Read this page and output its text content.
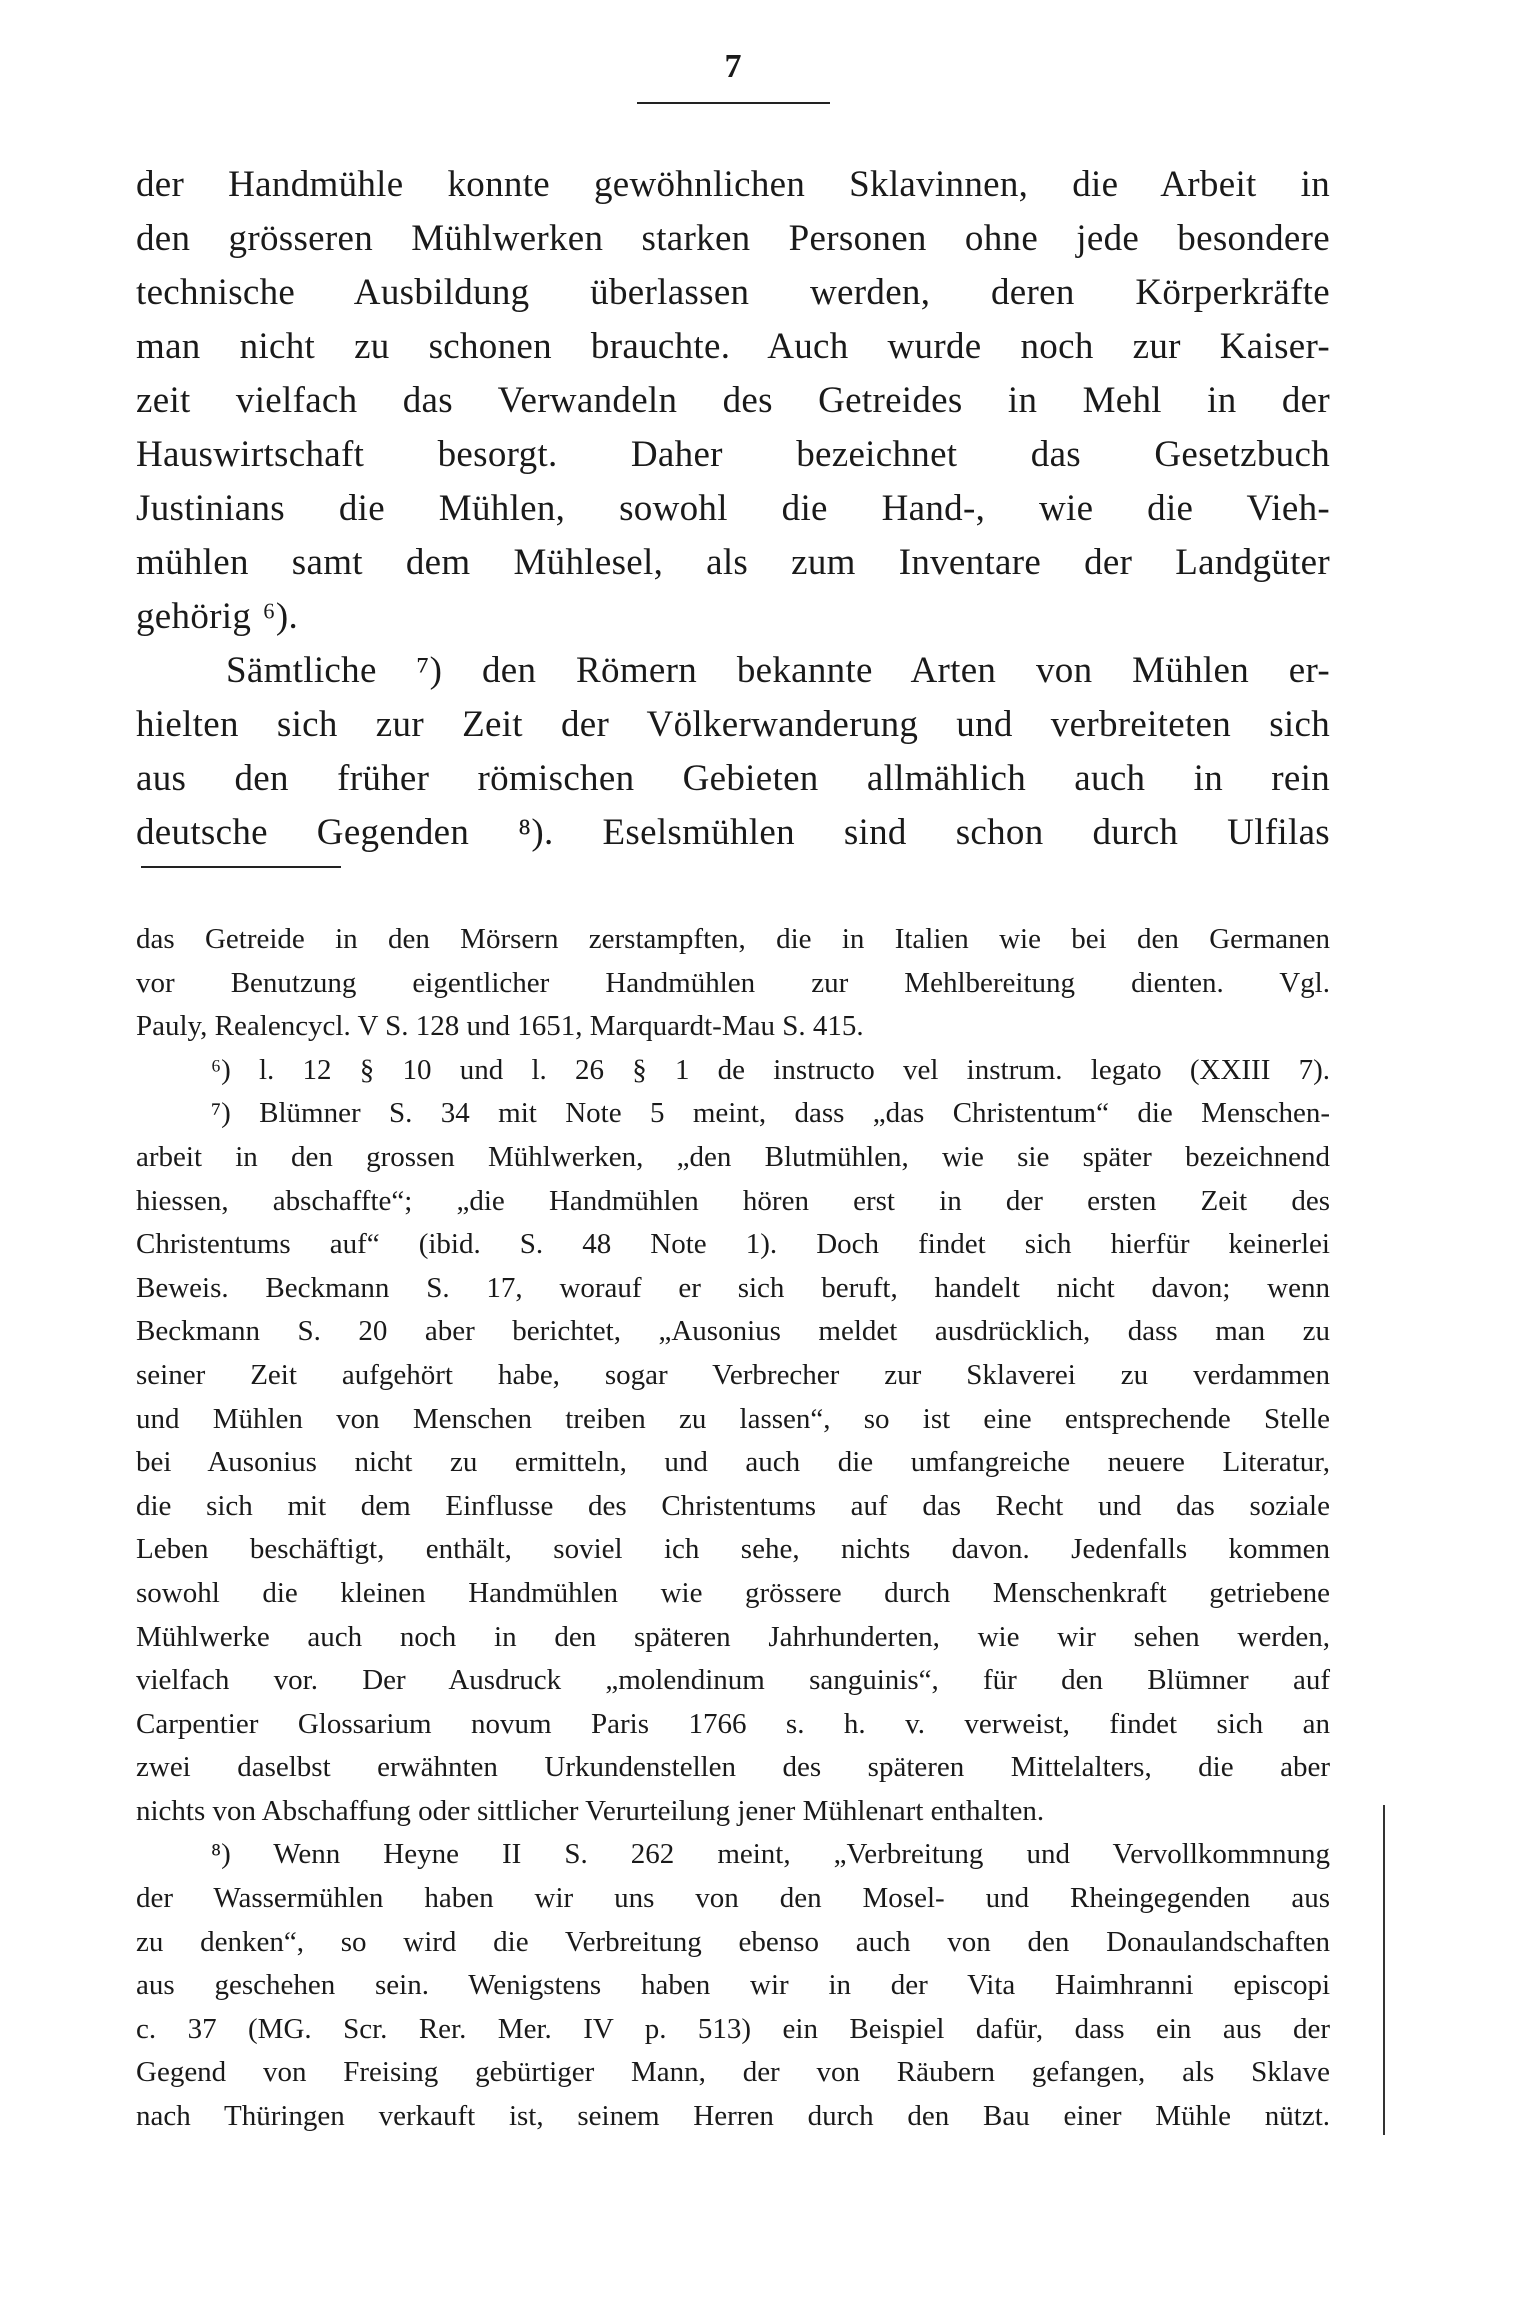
7
der Handmühle konnte gewöhnlichen Sklavinnen, die Arbeit in
den grösseren Mühlwerken starken Personen ohne jede besondere
technische Ausbildung überlassen werden, deren Körperkräfte
man nicht zu schonen brauchte. Auch wurde noch zur Kaiser-
zeit vielfach das Verwandeln des Getreides in Mehl in der
Hauswirtschaft besorgt. Daher bezeichnet das Gesetzbuch
Justinians die Mühlen, sowohl die Hand-, wie die Vieh-
mühlen samt dem Mühlesel, als zum Inventare der Landgüter
gehörig ⁶).
Sämtliche ⁷) den Römern bekannte Arten von Mühlen er-
hielten sich zur Zeit der Völkerwanderung und verbreiteten sich
aus den früher römischen Gebieten allmählich auch in rein
deutsche Gegenden ⁸). Eselsmühlen sind schon durch Ulfilas
das Getreide in den Mörsern zerstampften, die in Italien wie bei den Germanen
vor Benutzung eigentlicher Handmühlen zur Mehlbereitung dienten. Vgl.
Pauly, Realencycl. V S. 128 und 1651, Marquardt-Mau S. 415.
⁶) l. 12 § 10 und l. 26 § 1 de instructo vel instrum. legato (XXIII 7).
⁷) Blümner S. 34 mit Note 5 meint, dass „das Christentum“ die Menschen-
arbeit in den grossen Mühlwerken, „den Blutmühlen, wie sie später bezeichnend
hiessen, abschaffte“; „die Handmühlen hören erst in der ersten Zeit des
Christentums auf“ (ibid. S. 48 Note 1). Doch findet sich hierfür keinerlei
Beweis. Beckmann S. 17, worauf er sich beruft, handelt nicht davon; wenn
Beckmann S. 20 aber berichtet, „Ausonius meldet ausdrücklich, dass man zu
seiner Zeit aufgehört habe, sogar Verbrecher zur Sklaverei zu verdammen
und Mühlen von Menschen treiben zu lassen“, so ist eine entsprechende Stelle
bei Ausonius nicht zu ermitteln, und auch die umfangreiche neuere Literatur,
die sich mit dem Einflusse des Christentums auf das Recht und das soziale
Leben beschäftigt, enthält, soviel ich sehe, nichts davon. Jedenfalls kommen
sowohl die kleinen Handmühlen wie grössere durch Menschenkraft getriebene
Mühlwerke auch noch in den späteren Jahrhunderten, wie wir sehen werden,
vielfach vor. Der Ausdruck „molendinum sanguinis“, für den Blümner auf
Carpentier Glossarium novum Paris 1766 s. h. v. verweist, findet sich an
zwei daselbst erwähnten Urkundenstellen des späteren Mittelalters, die aber
nichts von Abschaffung oder sittlicher Verurteilung jener Mühlenart enthalten.
⁸) Wenn Heyne II S. 262 meint, „Verbreitung und Vervollkommnung
der Wassermühlen haben wir uns von den Mosel- und Rheingegenden aus
zu denken“, so wird die Verbreitung ebenso auch von den Donaulandschaften
aus geschehen sein. Wenigstens haben wir in der Vita Haimhranni episcopi
c. 37 (MG. Scr. Rer. Mer. IV p. 513) ein Beispiel dafür, dass ein aus der
Gegend von Freising gebürtiger Mann, der von Räubern gefangen, als Sklave
nach Thüringen verkauft ist, seinem Herren durch den Bau einer Mühle nützt.
